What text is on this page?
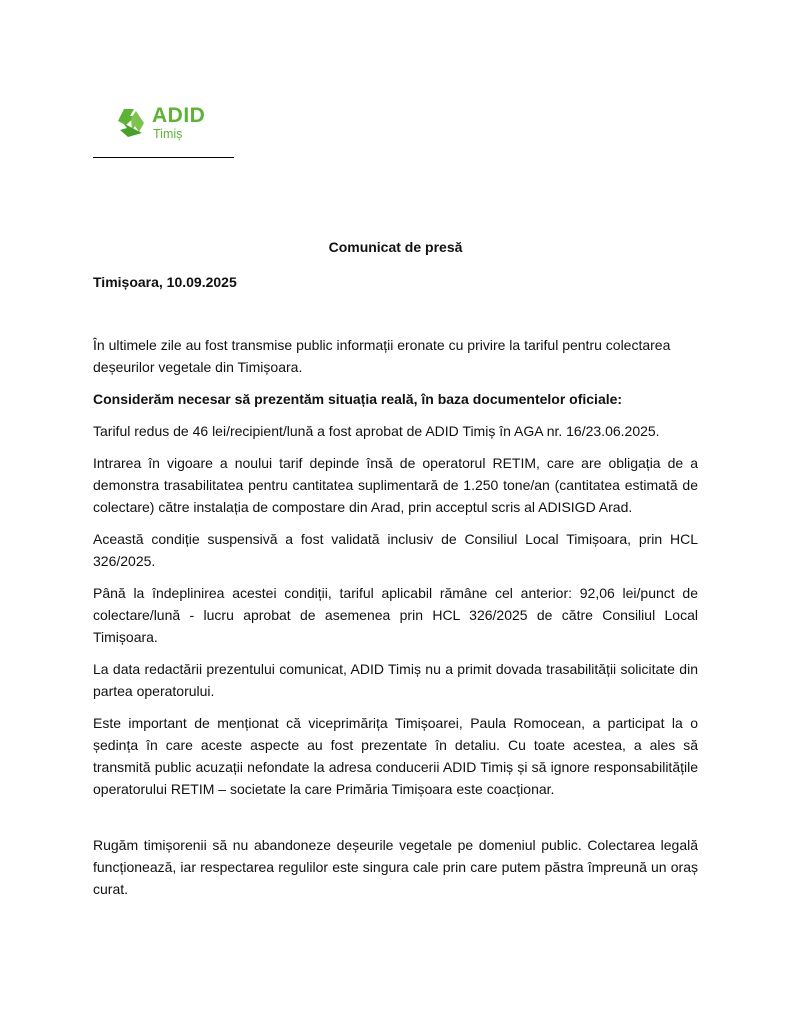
ADID
Timiș
Comunicat de presă
Timișoara, 10.09.2025

În ultimele zile au fost transmise public informații eronate cu privire la tariful pentru colectarea deșeurilor vegetale din Timișoara.

Considerăm necesar să prezentăm situația reală, în baza documentelor oficiale:

Tariful redus de 46 lei/recipient/lună a fost aprobat de ADID Timiș în AGA nr. 16/23.06.2025.

Intrarea în vigoare a noului tarif depinde însă de operatorul RETIM, care are obligația de a demonstra trasabilitatea pentru cantitatea suplimentară de 1.250 tone/an (cantitatea estimată de colectare) către instalația de compostare din Arad, prin acceptul scris al ADISIGD Arad.

Această condiție suspensivă a fost validată inclusiv de Consiliul Local Timișoara, prin HCL 326/2025.

Până la îndeplinirea acestei condiții, tariful aplicabil rămâne cel anterior: 92,06 lei/punct de colectare/lună - lucru aprobat de asemenea prin HCL 326/2025 de către Consiliul Local Timișoara.

La data redactării prezentului comunicat, ADID Timiș nu a primit dovada trasabilității solicitate din partea operatorului.

Este important de menționat că viceprimărița Timișoarei, Paula Romocean, a participat la o ședința în care aceste aspecte au fost prezentate în detaliu. Cu toate acestea, a ales să transmită public acuzații nefondate la adresa conducerii ADID Timiș și să ignore responsabilitățile operatorului RETIM – societate la care Primăria Timișoara este coacționar.

Rugăm timișorenii să nu abandoneze deșeurile vegetale pe domeniul public. Colectarea legală funcționează, iar respectarea regulilor este singura cale prin care putem păstra împreună un oraș curat.
